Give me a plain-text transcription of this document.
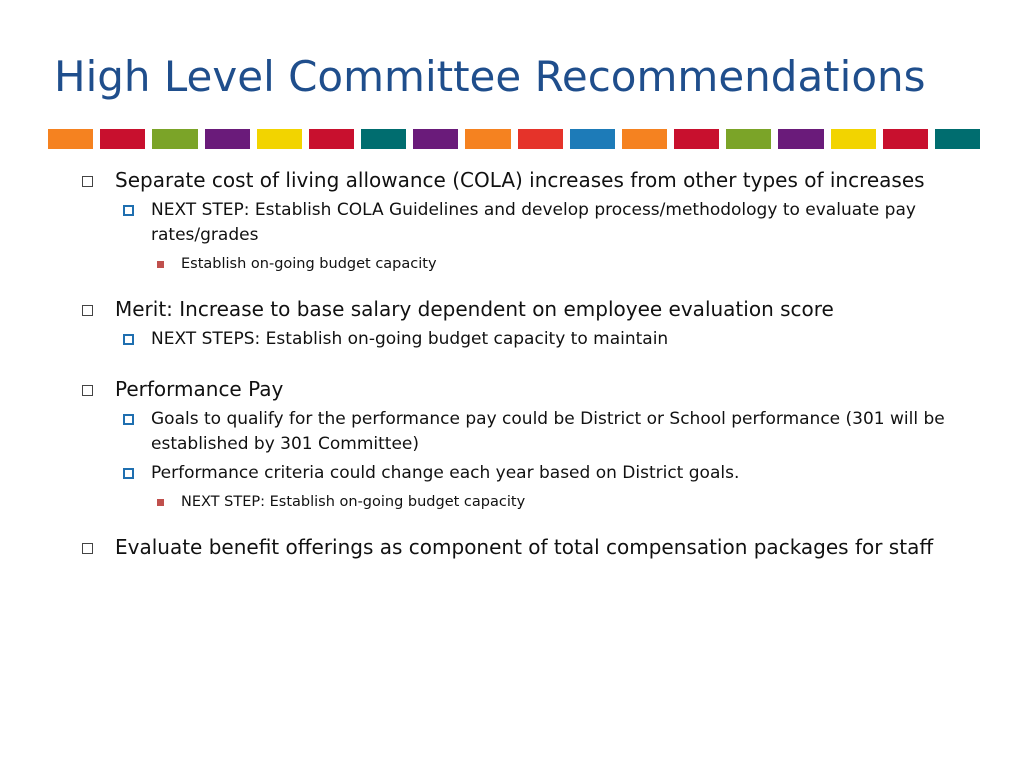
High Level Committee Recommendations
Separate cost of living allowance (COLA) increases from other types of increases
NEXT STEP: Establish COLA Guidelines and develop process/methodology to evaluate pay rates/grades
Establish on-going budget capacity
Merit: Increase to base salary dependent on employee evaluation score
NEXT STEPS: Establish on-going budget capacity to maintain
Performance Pay
Goals to qualify for the performance pay could be District or School performance (301 will be established by 301 Committee)
Performance criteria could change each year based on District goals.
NEXT STEP: Establish on-going budget capacity
Evaluate benefit offerings as component of total compensation packages for staff
